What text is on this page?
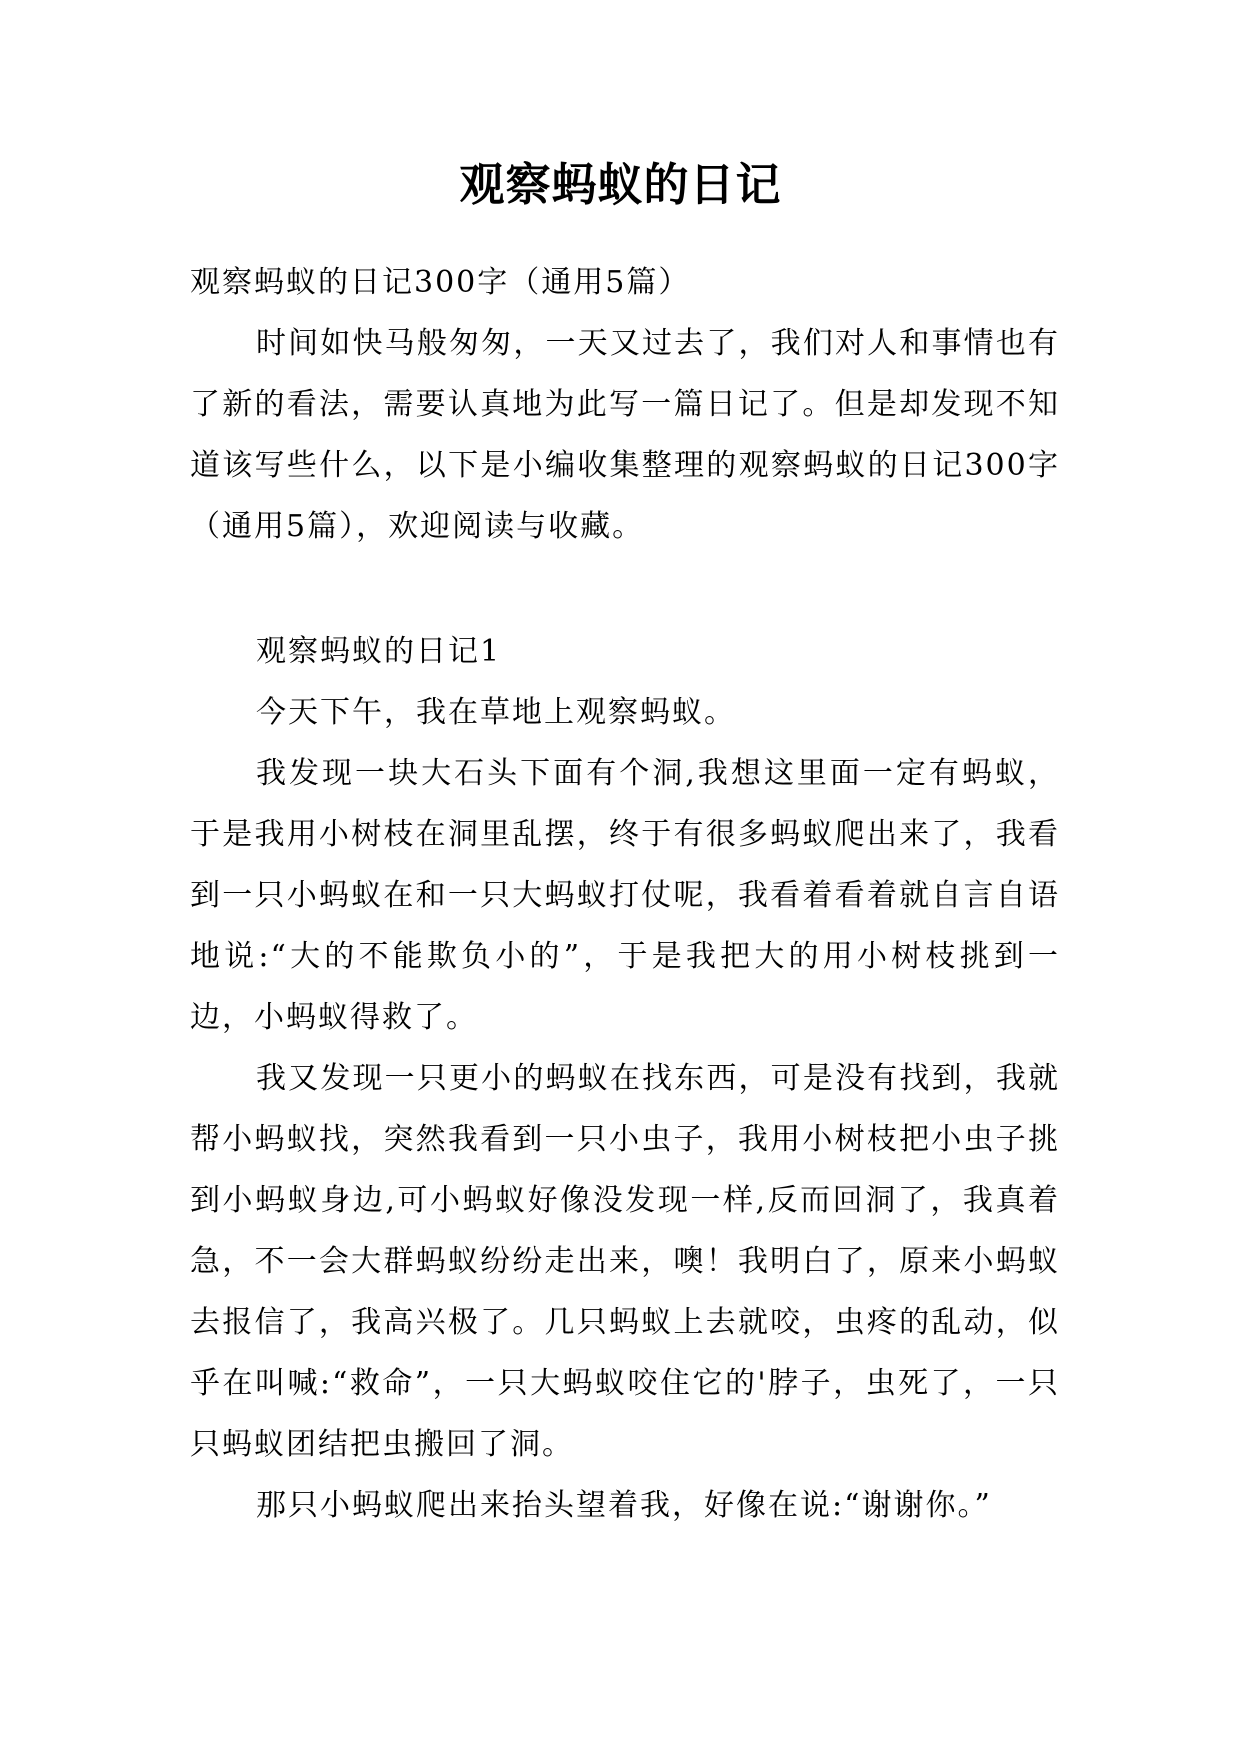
观察蚂蚁的日记

观察蚂蚁的日记300字（通用5篇）

时间如快马般匆匆，一天又过去了，我们对人和事情也有了新的看法，需要认真地为此写一篇日记了。但是却发现不知道该写些什么，以下是小编收集整理的观察蚂蚁的日记300字（通用5篇），欢迎阅读与收藏。

观察蚂蚁的日记1

今天下午，我在草地上观察蚂蚁。

我发现一块大石头下面有个洞,我想这里面一定有蚂蚁，于是我用小树枝在洞里乱摆，终于有很多蚂蚁爬出来了，我看到一只小蚂蚁在和一只大蚂蚁打仗呢，我看着看着就自言自语地说:“大的不能欺负小的”，于是我把大的用小树枝挑到一边，小蚂蚁得救了。

我又发现一只更小的蚂蚁在找东西，可是没有找到，我就帮小蚂蚁找，突然我看到一只小虫子，我用小树枝把小虫子挑到小蚂蚁身边,可小蚂蚁好像没发现一样,反而回洞了，我真着急，不一会大群蚂蚁纷纷走出来，噢！我明白了，原来小蚂蚁去报信了，我高兴极了。几只蚂蚁上去就咬，虫疼的乱动，似乎在叫喊:“救命”，一只大蚂蚁咬住它的'脖子，虫死了，一只只蚂蚁团结把虫搬回了洞。

那只小蚂蚁爬出来抬头望着我，好像在说:“谢谢你。”
